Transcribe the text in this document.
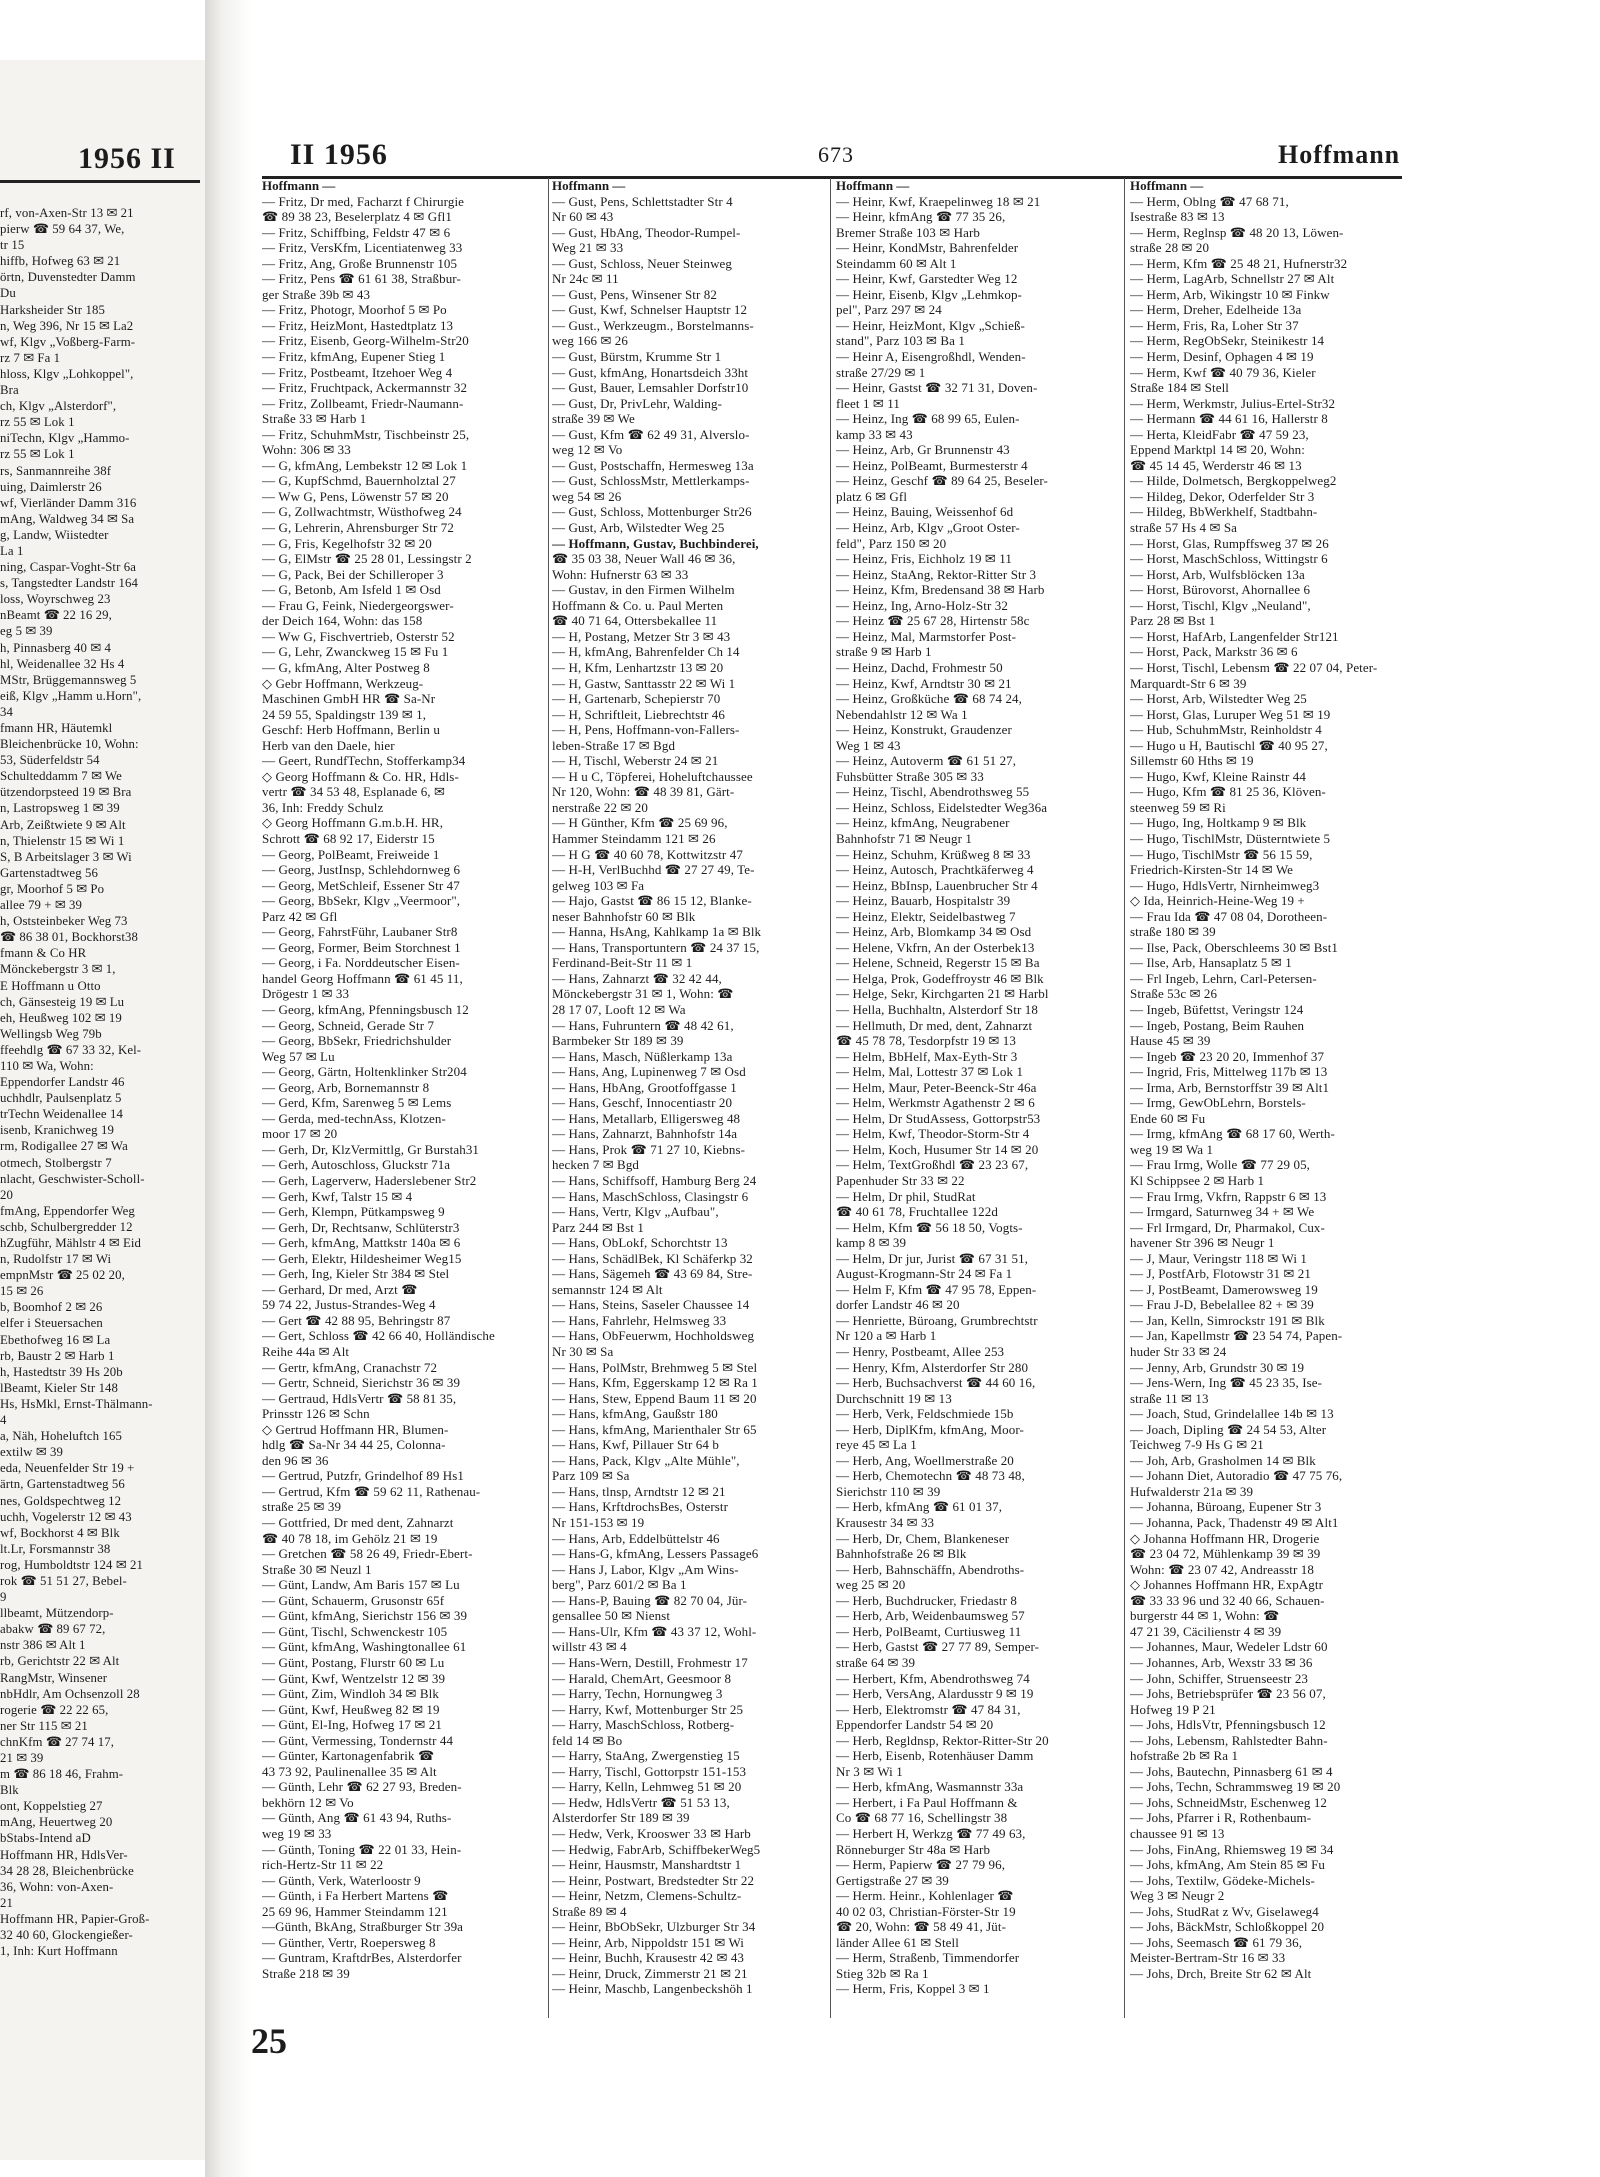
1956 II
rf, von-Axen-Str 13 ✉ 21
pierw ☎ 59 64 37, We,
tr 15
hiffb, Hofweg 63 ✉ 21
örtn, Duvenstedter Damm
Du
Harksheider Str 185
n, Weg 396, Nr 15 ✉ La2
wf, Klgv „Voßberg-Farm-
rz 7 ✉ Fa 1
hloss, Klgv „Lohkoppel",
Bra
ch, Klgv „Alsterdorf",
rz 55 ✉ Lok 1
niTechn, Klgv „Hammo-
rz 55 ✉ Lok 1
rs, Sanmannreihe 38f
uing, Daimlerstr 26
wf, Vierländer Damm 316
mAng, Waldweg 34 ✉ Sa
g, Landw, Wiistedter
La 1
ning, Caspar-Voght-Str 6a
s, Tangstedter Landstr 164
loss, Woyrschweg 23
nBeamt ☎ 22 16 29,
eg 5 ✉ 39
h, Pinnasberg 40 ✉ 4
hl, Weidenallee 32 Hs 4
MStr, Brüggemannsweg 5
eiß, Klgv „Hamm u.Horn",
34
fmann HR, Häutemkl
Bleichenbrücke 10, Wohn:
53, Süderfeldstr 54
Schulteddamm 7 ✉ We
ützendorpsteed 19 ✉ Bra
n, Lastropsweg 1 ✉ 39
Arb, Zeißtwiete 9 ✉ Alt
n, Thielenstr 15 ✉ Wi 1
S, B Arbeitslager 3 ✉ Wi
Gartenstadtweg 56
gr, Moorhof 5 ✉ Po
allee 79 + ✉ 39
h, Oststeinbeker Weg 73
☎ 86 38 01, Bockhorst38
fmann & Co HR
Mönckebergstr 3 ✉ 1,
E Hoffmann u Otto
ch, Gänsesteig 19 ✉ Lu
eh, Heußweg 102 ✉ 19
Wellingsb Weg 79b
ffeehdlg ☎ 67 33 32, Kel-
110 ✉ Wa, Wohn:
Eppendorfer Landstr 46
uchhdlr, Paulsenplatz 5
trTechn Weidenallee 14
isenb, Kranichweg 19
rm, Rodigallee 27 ✉ Wa
otmech, Stolbergstr 7
nlacht, Geschwister-Scholl-
20
fmAng, Eppendorfer Weg
schb, Schulbergredder 12
hZugführ, Mählstr 4 ✉ Eid
n, Rudolfstr 17 ✉ Wi
empnMstr ☎ 25 02 20,
15 ✉ 26
b, Boomhof 2 ✉ 26
elfer i Steuersachen
Ebethofweg 16 ✉ La
rb, Baustr 2 ✉ Harb 1
h, Hastedtstr 39 Hs 20b
lBeamt, Kieler Str 148
Hs, HsMkl, Ernst-Thälmann-
4
a, Näh, Hoheluftch 165
extilw ✉ 39
eda, Neuenfelder Str 19 +
ärtn, Gartenstadtweg 56
nes, Goldspechtweg 12
uchh, Vogelerstr 12 ✉ 43
wf, Bockhorst 4 ✉ Blk
lt.Lr, Forsmannstr 38
rog, Humboldtstr 124 ✉ 21
rok ☎ 51 51 27, Bebel-
9
llbeamt, Mützendorp-
abakw ☎ 89 67 72,
nstr 386 ✉ Alt 1
rb, Gerichtstr 22 ✉ Alt
RangMstr, Winsener
nbHdlr, Am Ochsenzoll 28
rogerie ☎ 22 22 65,
ner Str 115 ✉ 21
chnKfm ☎ 27 74 17,
21 ✉ 39
m ☎ 86 18 46, Frahm-
Blk
ont, Koppelstieg 27
mAng, Heuertweg 20
bStabs-Intend aD
Hoffmann HR, HdlsVer-
34 28 28, Bleichenbrücke
36, Wohn: von-Axen-
21
Hoffmann HR, Papier-Groß-
32 40 60, Glockengießer-
1, Inh: Kurt Hoffmann
II 1956	673	Hoffmann
Hoffmann —
— Fritz, Dr med, Facharzt f Chirurgie
☎ 89 38 23, Beselerplatz 4 ✉ Gfl1
— Fritz, Schiffbing, Feldstr 47 ✉ 6
— Fritz, VersKfm, Licentiatenweg 33
— Fritz, Ang, Große Brunnenstr 105
— Fritz, Pens ☎ 61 61 38, Straßbur-
ger Straße 39b ✉ 43
— Fritz, Photogr, Moorhof 5 ✉ Po
— Fritz, HeizMont, Hastedtplatz 13
— Fritz, Eisenb, Georg-Wilhelm-Str20
— Fritz, kfmAng, Eupener Stieg 1
— Fritz, Postbeamt, Itzehoer Weg 4
— Fritz, Fruchtpack, Ackermannstr 32
— Fritz, Zollbeamt, Friedr-Naumann-
Straße 33 ✉ Harb 1
— Fritz, SchuhmMstr, Tischbeinstr 25,
Wohn: 306 ✉ 33
— G, kfmAng, Lembekstr 12 ✉ Lok 1
— G, KupfSchmd, Bauernholztal 27
— Ww G, Pens, Löwenstr 57 ✉ 20
— G, Zollwachtmstr, Wüsthofweg 24
— G, Lehrerin, Ahrensburger Str 72
— G, Fris, Kegelhofstr 32 ✉ 20
— G, ElMstr ☎ 25 28 01, Lessingstr 2
— G, Pack, Bei der Schilleroper 3
— G, Betonb, Am Isfeld 1 ✉ Osd
— Frau G, Feink, Niedergeorgswer-
der Deich 164, Wohn: das 158
— Ww G, Fischvertrieb, Osterstr 52
— G, Lehr, Zwanckweg 15 ✉ Fu 1
— G, kfmAng, Alter Postweg 8
◇ Gebr Hoffmann, Werkzeug-
Maschinen GmbH HR ☎ Sa-Nr
24 59 55, Spaldingstr 139 ✉ 1,
Geschf: Herb Hoffmann, Berlin u
Herb van den Daele, hier
— Geert, RundfTechn, Stofferkamp34
◇ Georg Hoffmann & Co. HR, Hdls-
vertr ☎ 34 53 48, Esplanade 6, ✉
36, Inh: Freddy Schulz
◇ Georg Hoffmann G.m.b.H. HR,
Schrott ☎ 68 92 17, Eiderstr 15
— Georg, PolBeamt, Freiweide 1
— Georg, JustInsp, Schlehdornweg 6
— Georg, MetSchleif, Essener Str 47
— Georg, BbSekr, Klgv „Veermoor",
Parz 42 ✉ Gfl
— Georg, FahrstFühr, Laubaner Str8
— Georg, Former, Beim Storchnest 1
— Georg, i Fa. Norddeutscher Eisen-
handel Georg Hoffmann ☎ 61 45 11,
Drögestr 1 ✉ 33
— Georg, kfmAng, Pfenningsbusch 12
— Georg, Schneid, Gerade Str 7
— Georg, BbSekr, Friedrichshulder
Weg 57 ✉ Lu
— Georg, Gärtn, Holtenklinker Str204
— Georg, Arb, Bornemannstr 8
— Gerd, Kfm, Sarenweg 5 ✉ Lems
— Gerda, med-technAss, Klotzen-
moor 17 ✉ 20
— Gerh, Dr, KlzVermittlg, Gr Burstah31
— Gerh, Autoschloss, Gluckstr 71a
— Gerh, Lagerverw, Haderslebener Str2
— Gerh, Kwf, Talstr 15 ✉ 4
— Gerh, Klempn, Pütkampsweg 9
— Gerh, Dr, Rechtsanw, Schlüterstr3
— Gerh, kfmAng, Mattkstr 140a ✉ 6
— Gerh, Elektr, Hildesheimer Weg15
— Gerh, Ing, Kieler Str 384 ✉ Stel
— Gerhard, Dr med, Arzt ☎
59 74 22, Justus-Strandes-Weg 4
— Gert ☎ 42 88 95, Behringstr 87
— Gert, Schloss ☎ 42 66 40, Holländische
Reihe 44a ✉ Alt
— Gertr, kfmAng, Cranachstr 72
— Gertr, Schneid, Sierichstr 36 ✉ 39
— Gertraud, HdlsVertr ☎ 58 81 35,
Prinsstr 126 ✉ Schn
◇ Gertrud Hoffmann HR, Blumen-
hdlg ☎ Sa-Nr 34 44 25, Colonna-
den 96 ✉ 36
— Gertrud, Putzfr, Grindelhof 89 Hs1
— Gertrud, Kfm ☎ 59 62 11, Rathenau-
straße 25 ✉ 39
— Gottfried, Dr med dent, Zahnarzt
☎ 40 78 18, im Gehölz 21 ✉ 19
— Gretchen ☎ 58 26 49, Friedr-Ebert-
Straße 30 ✉ Neuzl 1
— Günt, Landw, Am Baris 157 ✉ Lu
— Günt, Schauerm, Grusonstr 65f
— Günt, kfmAng, Sierichstr 156 ✉ 39
— Günt, Tischl, Schwenckestr 105
— Günt, kfmAng, Washingtonallee 61
— Günt, Postang, Flurstr 60 ✉ Lu
— Günt, Kwf, Wentzelstr 12 ✉ 39
— Günt, Zim, Windloh 34 ✉ Blk
— Günt, Kwf, Heußweg 82 ✉ 19
— Günt, El-Ing, Hofweg 17 ✉ 21
— Günt, Vermessing, Tondernstr 44
— Günter, Kartonagenfabrik ☎
43 73 92, Paulinenallee 35 ✉ Alt
— Günth, Lehr ☎ 62 27 93, Breden-
bekhörn 12 ✉ Vo
— Günth, Ang ☎ 61 43 94, Ruths-
weg 19 ✉ 33
— Günth, Toning ☎ 22 01 33, Hein-
rich-Hertz-Str 11 ✉ 22
— Günth, Verk, Waterloostr 9
— Günth, i Fa Herbert Martens ☎
25 69 96, Hammer Steindamm 121
—Günth, BkAng, Straßburger Str 39a
— Günther, Vertr, Roepersweg 8
— Guntram, KraftdrBes, Alsterdorfer
Straße 218 ✉ 39
Hoffmann —
— Gust, Pens, Schlettstadter Str 4
Nr 60 ✉ 43
— Gust, HbAng, Theodor-Rumpel-
Weg 21 ✉ 33
— Gust, Schloss, Neuer Steinweg
Nr 24c ✉ 11
— Gust, Pens, Winsener Str 82
— Gust, Kwf, Schnelser Hauptstr 12
— Gust., Werkzeugm., Borstelmanns-
weg 166 ✉ 26
— Gust, Bürstm, Krumme Str 1
— Gust, kfmAng, Honartsdeich 33ht
— Gust, Bauer, Lemsahler Dorfstr10
— Gust, Dr, PrivLehr, Walding-
straße 39 ✉ We
— Gust, Kfm ☎ 62 49 31, Alverslo-
weg 12 ✉ Vo
— Gust, Postschaffn, Hermesweg 13a
— Gust, SchlossMstr, Mettlerkamps-
weg 54 ✉ 26
— Gust, Schloss, Mottenburger Str26
— Gust, Arb, Wilstedter Weg 25
— Hoffmann, Gustav, Buchbinderei,
☎ 35 03 38, Neuer Wall 46 ✉ 36,
Wohn: Hufnerstr 63 ✉ 33
— Gustav, in den Firmen Wilhelm
Hoffmann & Co. u. Paul Merten
☎ 40 71 64, Ottersbekallee 11
— H, Postang, Metzer Str 3 ✉ 43
— H, kfmAng, Bahrenfelder Ch 14
— H, Kfm, Lenhartzstr 13 ✉ 20
— H, Gastw, Santtasstr 22 ✉ Wi 1
— H, Gartenarb, Schepierstr 70
— H, Schriftleit, Liebrechtstr 46
— H, Pens, Hoffmann-von-Fallers-
leben-Straße 17 ✉ Bgd
— H, Tischl, Weberstr 24 ✉ 21
— H u C, Töpferei, Hoheluftchaussee
Nr 120, Wohn: ☎ 48 39 81, Gärt-
nerstraße 22 ✉ 20
— H Günther, Kfm ☎ 25 69 96,
Hammer Steindamm 121 ✉ 26
— H G ☎ 40 60 78, Kottwitzstr 47
— H-H, VerlBuchhd ☎ 27 27 49, Te-
gelweg 103 ✉ Fa
— Hajo, Gastst ☎ 86 15 12, Blanke-
neser Bahnhofstr 60 ✉ Blk
— Hanna, HsAng, Kahlkamp 1a ✉ Blk
— Hans, Transportuntern ☎ 24 37 15,
Ferdinand-Beit-Str 11 ✉ 1
— Hans, Zahnarzt ☎ 32 42 44,
Mönckebergstr 31 ✉ 1, Wohn: ☎
28 17 07, Looft 12 ✉ Wa
— Hans, Fuhruntern ☎ 48 42 61,
Barmbeker Str 189 ✉ 39
— Hans, Masch, Nüßlerkamp 13a
— Hans, Ang, Lupinenweg 7 ✉ Osd
— Hans, HbAng, Grootfoffgasse 1
— Hans, Geschf, Innocentiastr 20
— Hans, Metallarb, Elligersweg 48
— Hans, Zahnarzt, Bahnhofstr 14a
— Hans, Prok ☎ 71 27 10, Kiebns-
hecken 7 ✉ Bgd
— Hans, Schiffsoff, Hamburg Berg 24
— Hans, MaschSchloss, Clasingstr 6
— Hans, Vertr, Klgv „Aufbau",
Parz 244 ✉ Bst 1
— Hans, ObLokf, Schorchtstr 13
— Hans, SchädlBek, Kl Schäferkp 32
— Hans, Sägemeh ☎ 43 69 84, Stre-
semannstr 124 ✉ Alt
— Hans, Steins, Saseler Chaussee 14
— Hans, Fahrlehr, Helmsweg 33
— Hans, ObFeuerwm, Hochholdsweg
Nr 30 ✉ Sa
— Hans, PolMstr, Brehmweg 5 ✉ Stel
— Hans, Kfm, Eggerskamp 12 ✉ Ra 1
— Hans, Stew, Eppend Baum 11 ✉ 20
— Hans, kfmAng, Gaußstr 180
— Hans, kfmAng, Marienthaler Str 65
— Hans, Kwf, Pillauer Str 64 b
— Hans, Pack, Klgv „Alte Mühle",
Parz 109 ✉ Sa
— Hans, tlnsp, Arndtstr 12 ✉ 21
— Hans, KrftdrochsBes, Osterstr
Nr 151-153 ✉ 19
— Hans, Arb, Eddelbüttelstr 46
— Hans-G, kfmAng, Lessers Passage6
— Hans J, Labor, Klgv „Am Wins-
berg", Parz 601/2 ✉ Ba 1
— Hans-P, Bauing ☎ 82 70 04, Jür-
gensallee 50 ✉ Nienst
— Hans-Ulr, Kfm ☎ 43 37 12, Wohl-
willstr 43 ✉ 4
— Hans-Wern, Destill, Frohmestr 17
— Harald, ChemArt, Geesmoor 8
— Harry, Techn, Hornungweg 3
— Harry, Kwf, Mottenburger Str 25
— Harry, MaschSchloss, Rotberg-
feld 14 ✉ Bo
— Harry, StaAng, Zwergenstieg 15
— Harry, Tischl, Gottorpstr 151-153
— Harry, Kelln, Lehmweg 51 ✉ 20
— Hedw, HdlsVertr ☎ 51 53 13,
Alsterdorfer Str 189 ✉ 39
— Hedw, Verk, Krooswег 33 ✉ Harb
— Hedwig, FabrArb, SchiffbekerWeg5
— Heinr, Hausmstr, Manshardtstr 1
— Heinr, Postwart, Bredstedter Str 22
— Heinr, Netzm, Clemens-Schultz-
Straße 89 ✉ 4
— Heinr, BbObSekr, Ulzburger Str 34
— Heinr, Arb, Nippoldstr 151 ✉ Wi
— Heinr, Buchh, Krausestr 42 ✉ 43
— Heinr, Druck, Zimmerstr 21 ✉ 21
— Heinr, Maschb, Langenbeckshöh 1
Hoffmann —
— Heinr, Kwf, Kraepelinweg 18 ✉ 21
— Heinr, kfmAng ☎ 77 35 26,
Bremer Straße 103 ✉ Harb
— Heinr, KondMstr, Bahrenfelder
Steindamm 60 ✉ Alt 1
— Heinr, Kwf, Garstedter Weg 12
— Heinr, Eisenb, Klgv „Lehmkop-
pel", Parz 297 ✉ 24
— Heinr, HeizMont, Klgv „Schieß-
stand", Parz 103 ✉ Ba 1
— Heinr A, Eisengroßhdl, Wenden-
straße 27/29 ✉ 1
— Heinr, Gastst ☎ 32 71 31, Doven-
fleet 1 ✉ 11
— Heinz, Ing ☎ 68 99 65, Eulen-
kamp 33 ✉ 43
— Heinz, Arb, Gr Brunnenstr 43
— Heinz, PolBeamt, Burmesterstr 4
— Heinz, Geschf ☎ 89 64 25, Beseler-
platz 6 ✉ Gfl
— Heinz, Bauing, Weissenhof 6d
— Heinz, Arb, Klgv „Groot Oster-
feld", Parz 150 ✉ 20
— Heinz, Fris, Eichholz 19 ✉ 11
— Heinz, StaAng, Rektor-Ritter Str 3
— Heinz, Kfm, Bredensand 38 ✉ Harb
— Heinz, Ing, Arno-Holz-Str 32
— Heinz ☎ 25 67 28, Hirtenstr 58c
— Heinz, Mal, Marmstorfer Post-
straße 9 ✉ Harb 1
— Heinz, Dachd, Frohmestr 50
— Heinz, Kwf, Arndtstr 30 ✉ 21
— Heinz, Großküche ☎ 68 74 24,
Nebendahlstr 12 ✉ Wa 1
— Heinz, Konstrukt, Graudenzer
Weg 1 ✉ 43
— Heinz, Autoverm ☎ 61 51 27,
Fuhsbütter Straße 305 ✉ 33
— Heinz, Tischl, Abendrothsweg 55
— Heinz, Schloss, Eidelstedter Weg36a
— Heinz, kfmAng, Neugrabener
Bahnhofstr 71 ✉ Neugr 1
— Heinz, Schuhm, Krüßweg 8 ✉ 33
— Heinz, Autosch, Prachtkäferweg 4
— Heinz, BbInsp, Lauenbrucher Str 4
— Heinz, Bauarb, Hospitalstr 39
— Heinz, Elektr, Seidelbastweg 7
— Heinz, Arb, Blomkamp 34 ✉ Osd
— Helene, Vkfrn, An der Osterbek13
— Helene, Schneid, Regerstr 15 ✉ Ba
— Helga, Prok, Godeffroystr 46 ✉ Blk
— Helge, Sekr, Kirchgarten 21 ✉ Harbl
— Hella, Buchhaltn, Alsterdorf Str 18
— Hellmuth, Dr med, dent, Zahnarzt
☎ 45 78 78, Tesdorpfstr 19 ✉ 13
— Helm, BbHelf, Max-Eyth-Str 3
— Helm, Mal, Lottestr 37 ✉ Lok 1
— Helm, Maur, Peter-Beenck-Str 46a
— Helm, Werkmstr Agathenstr 2 ✉ 6
— Helm, Dr StudAssess, Gottorpstr53
— Helm, Kwf, Theodor-Storm-Str 4
— Helm, Koch, Husumer Str 14 ✉ 20
— Helm, TextGroßhdl ☎ 23 23 67,
Papenhuder Str 33 ✉ 22
— Helm, Dr phil, StudRat
☎ 40 61 78, Fruchtallee 122d
— Helm, Kfm ☎ 56 18 50, Vogts-
kamp 8 ✉ 39
— Helm, Dr jur, Jurist ☎ 67 31 51,
August-Krogmann-Str 24 ✉ Fa 1
— Helm F, Kfm ☎ 47 95 78, Eppen-
dorfer Landstr 46 ✉ 20
— Henriette, Büroang, Grumbrechtstr
Nr 120 a ✉ Harb 1
— Henry, Postbeamt, Allee 253
— Henry, Kfm, Alsterdorfer Str 280
— Herb, Buchsachverst ☎ 44 60 16,
Durchschnitt 19 ✉ 13
— Herb, Verk, Feldschmiede 15b
— Herb, DiplKfm, kfmAng, Moor-
reye 45 ✉ La 1
— Herb, Ang, Woellmerstraße 20
— Herb, Chemotechn ☎ 48 73 48,
Sierichstr 110 ✉ 39
— Herb, kfmAng ☎ 61 01 37,
Krausestr 34 ✉ 33
— Herb, Dr, Chem, Blankeneser
Bahnhofstraße 26 ✉ Blk
— Herb, Bahnschäffn, Abendroths-
weg 25 ✉ 20
— Herb, Buchdrucker, Friedastr 8
— Herb, Arb, Weidenbaumsweg 57
— Herb, PolBeamt, Curtiusweg 11
— Herb, Gastst ☎ 27 77 89, Semper-
straße 64 ✉ 39
— Herbert, Kfm, Abendrothsweg 74
— Herb, VersAng, Alardusstr 9 ✉ 19
— Herb, Elektromstr ☎ 47 84 31,
Eppendorfer Landstr 54 ✉ 20
— Herb, Regldnsp, Rektor-Ritter-Str 20
— Herb, Eisenb, Rotenhäuser Damm
Nr 3 ✉ Wi 1
— Herb, kfmAng, Wasmannstr 33a
— Herbert, i Fa Paul Hoffmann &
Co ☎ 68 77 16, Schellingstr 38
— Herbert H, Werkzg ☎ 77 49 63,
Rönneburger Str 48a ✉ Harb
— Herm, Papierw ☎ 27 79 96,
Gertigstraße 27 ✉ 39
— Herm. Heinr., Kohlenlager ☎
40 02 03, Christian-Förster-Str 19
☎ 20, Wohn: ☎ 58 49 41, Jüt-
länder Allee 61 ✉ Stell
— Herm, Straßenb, Timmendorfer
Stieg 32b ✉ Ra 1
— Herm, Fris, Koppel 3 ✉ 1
Hoffmann —
— Herm, Oblng ☎ 47 68 71,
Isestraße 83 ✉ 13
— Herm, Reglnsp ☎ 48 20 13, Löwen-
straße 28 ✉ 20
— Herm, Kfm ☎ 25 48 21, Hufnerstr32
— Herm, LagArb, Schnellstr 27 ✉ Alt
— Herm, Arb, Wikingstr 10 ✉ Finkw
— Herm, Dreher, Edelheide 13a
— Herm, Fris, Ra, Loher Str 37
— Herm, RegObSekr, Steinikestr 14
— Herm, Desinf, Ophagen 4 ✉ 19
— Herm, Kwf ☎ 40 79 36, Kieler
Straße 184 ✉ Stell
— Herm, Werkmstr, Julius-Ertel-Str32
— Hermann ☎ 44 61 16, Hallerstr 8
— Herta, KleidFabr ☎ 47 59 23,
Eppend Marktpl 14 ✉ 20, Wohn:
☎ 45 14 45, Werderstr 46 ✉ 13
— Hilde, Dolmetsch, Bergkoppelweg2
— Hildeg, Dekor, Oderfelder Str 3
— Hildeg, BbWerkhelf, Stadtbahn-
straße 57 Hs 4 ✉ Sa
— Horst, Glas, Rumpffsweg 37 ✉ 26
— Horst, MaschSchloss, Wittingstr 6
— Horst, Arb, Wulfsblöcken 13a
— Horst, Bürovorst, Ahornallee 6
— Horst, Tischl, Klgv „Neuland",
Parz 28 ✉ Bst 1
— Horst, HafArb, Langenfelder Str121
— Horst, Pack, Markstr 36 ✉ 6
— Horst, Tischl, Lebensm ☎ 22 07 04, Peter-
Marquardt-Str 6 ✉ 39
— Horst, Arb, Wilstedter Weg 25
— Horst, Glas, Luruper Weg 51 ✉ 19
— Hub, SchuhmMstr, Reinholdstr 4
— Hugo u H, Bautischl ☎ 40 95 27,
Sillemstr 60 Hths ✉ 19
— Hugo, Kwf, Kleine Rainstr 44
— Hugo, Kfm ☎ 81 25 36, Klöven-
steenweg 59 ✉ Ri
— Hugo, Ing, Holtkamp 9 ✉ Blk
— Hugo, TischlMstr, Düsterntwiete 5
— Hugo, TischlMstr ☎ 56 15 59,
Friedrich-Kirsten-Str 14 ✉ We
— Hugo, HdlsVertr, Nirnheimweg3
◇ Ida, Heinrich-Heine-Weg 19 +
— Frau Ida ☎ 47 08 04, Dorotheen-
straße 180 ✉ 39
— Ilse, Pack, Oberschleems 30 ✉ Bst1
— Ilse, Arb, Hansaplatz 5 ✉ 1
— Frl Ingeb, Lehrn, Carl-Petersen-
Straße 53c ✉ 26
— Ingeb, Büfettst, Veringstr 124
— Ingeb, Postang, Beim Rauhen
Hause 45 ✉ 39
— Ingeb ☎ 23 20 20, Immenhof 37
— Ingrid, Fris, Mittelweg 117b ✉ 13
— Irma, Arb, Bernstorffstr 39 ✉ Alt1
— Irmg, GewObLehrn, Borstels-
Ende 60 ✉ Fu
— Irmg, kfmAng ☎ 68 17 60, Werth-
weg 19 ✉ Wa 1
— Frau Irmg, Wolle ☎ 77 29 05,
Kl Schippsee 2 ✉ Harb 1
— Frau Irmg, Vkfrn, Rappstr 6 ✉ 13
— Irmgard, Saturnweg 34 + ✉ We
— Frl Irmgard, Dr, Pharmakol, Cux-
havener Str 396 ✉ Neugr 1
— J, Maur, Veringstr 118 ✉ Wi 1
— J, PostfArb, Flotowstr 31 ✉ 21
— J, PostBeamt, Damerowsweg 19
— Frau J-D, Bebelallee 82 + ✉ 39
— Jan, Kelln, Simrockstr 191 ✉ Blk
— Jan, Kapellmstr ☎ 23 54 74, Papen-
huder Str 33 ✉ 24
— Jenny, Arb, Grundstr 30 ✉ 19
— Jens-Wern, Ing ☎ 45 23 35, Ise-
straße 11 ✉ 13
— Joach, Stud, Grindelallee 14b ✉ 13
— Joach, Dipling ☎ 24 54 53, Alter
Teichweg 7-9 Hs G ✉ 21
— Joh, Arb, Grasholmen 14 ✉ Blk
— Johann Diet, Autoradio ☎ 47 75 76,
Hufwalderstr 21a ✉ 39
— Johanna, Büroang, Eupener Str 3
— Johanna, Pack, Thadenstr 49 ✉ Alt1
◇ Johanna Hoffmann HR, Drogerie
☎ 23 04 72, Mühlenkamp 39 ✉ 39
Wohn: ☎ 23 07 42, Andreasstr 18
◇ Johannes Hoffmann HR, ExpAgtr
☎ 33 33 96 und 32 40 66, Schauen-
burgerstr 44 ✉ 1, Wohn: ☎
47 21 39, Cäcilienstr 4 ✉ 39
— Johannes, Maur, Wedeler Ldstr 60
— Johannes, Arb, Wexstr 33 ✉ 36
— John, Schiffer, Struenseestr 23
— Johs, Betriebsprüfer ☎ 23 56 07,
Hofweg 19 P 21
— Johs, HdlsVtr, Pfenningsbusch 12
— Johs, Lebensm, Rahlstedter Bahn-
hofstraße 2b ✉ Ra 1
— Johs, Bautechn, Pinnasberg 61 ✉ 4
— Johs, Techn, Schrammsweg 19 ✉ 20
— Johs, SchneidMstr, Eschenweg 12
— Johs, Pfarrer i R, Rothenbaum-
chaussee 91 ✉ 13
— Johs, FinAng, Rhiemsweg 19 ✉ 34
— Johs, kfmAng, Am Stein 85 ✉ Fu
— Johs, Textilw, Gödeke-Michels-
Weg 3 ✉ Neugr 2
— Johs, StudRat z Wv, Giselaweg4
— Johs, BäckMstr, Schloßkoppel 20
— Johs, Seemasch ☎ 61 79 36,
Meister-Bertram-Str 16 ✉ 33
— Johs, Drch, Breite Str 62 ✉ Alt
25
